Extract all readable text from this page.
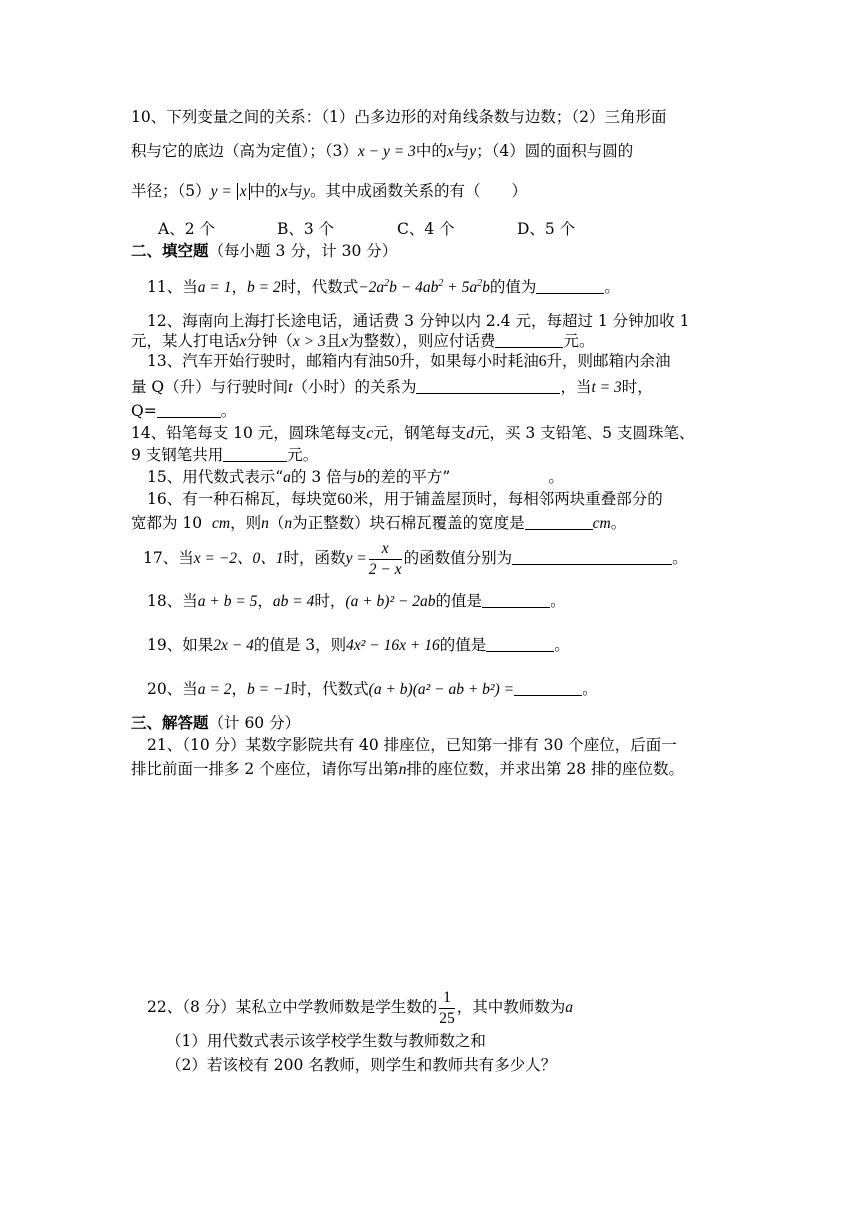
10、下列变量之间的关系：（1）凸多边形的对角线条数与边数；（2）三角形面
积与它的底边（高为定值）；（3）x − y = 3中的x与y；（4）圆的面积与圆的
半径；（5）y = x 中的x与y。其中成函数关系的有（　　）
A、2 个	B、3 个	C、4 个	D、5 个
二、填空题（每小题 3 分，计 30 分）
11、当a = 1，b = 2时，代数式$-2a^2b - 4ab^2 + 5a^2b$的值为	。
12、海南向上海打长途电话，通话费 3 分钟以内 2.4 元，每超过 1 分钟加收 1
元，某人打电话x分钟（x > 3且x为整数），则应付话费	元。
13、汽车开始行驶时，邮箱内有油50升，如果每小时耗油6升，则邮箱内余油
量 Q（升）与行驶时间t（小时）的关系为	，当t = 3时，
Q=	。
14、铅笔每支 10 元，圆珠笔每支c元，钢笔每支d元，买 3 支铅笔、5 支圆珠笔、
9 支钢笔共用	元。
15、用代数式表示“a的 3 倍与b的差的平方”	。
16、有一种石棉瓦，每块宽60米，用于铺盖屋顶时，每相邻两块重叠部分的
宽都为 10 cm，则n（n为正整数）块石棉瓦覆盖的宽度是	cm。
17、当x = −2、0、1时，函数$y = \frac{x}{2 - x}$ 的函数值分别为	。
18、当a + b = 5，ab = 4时，(a + b)² − 2ab的值是	。
19、如果2x − 4的值是 3，则4x² − 16x + 16的值是	。
20、当a = 2，b = −1时，代数式(a + b)(a² − ab + b²) =	。
三、解答题（计 60 分）
21、（10 分）某数字影院共有 40 排座位，已知第一排有 30 个座位，后面一
排比前面一排多 2 个座位，请你写出第n排的座位数，并求出第 28 排的座位数。
22、（8 分）某私立中学教师数是学生数的 $\frac{1}{25}$ ，其中教师数为a
（1）用代数式表示该学校学生数与教师数之和
（2）若该校有 200 名教师，则学生和教师共有多少人？
